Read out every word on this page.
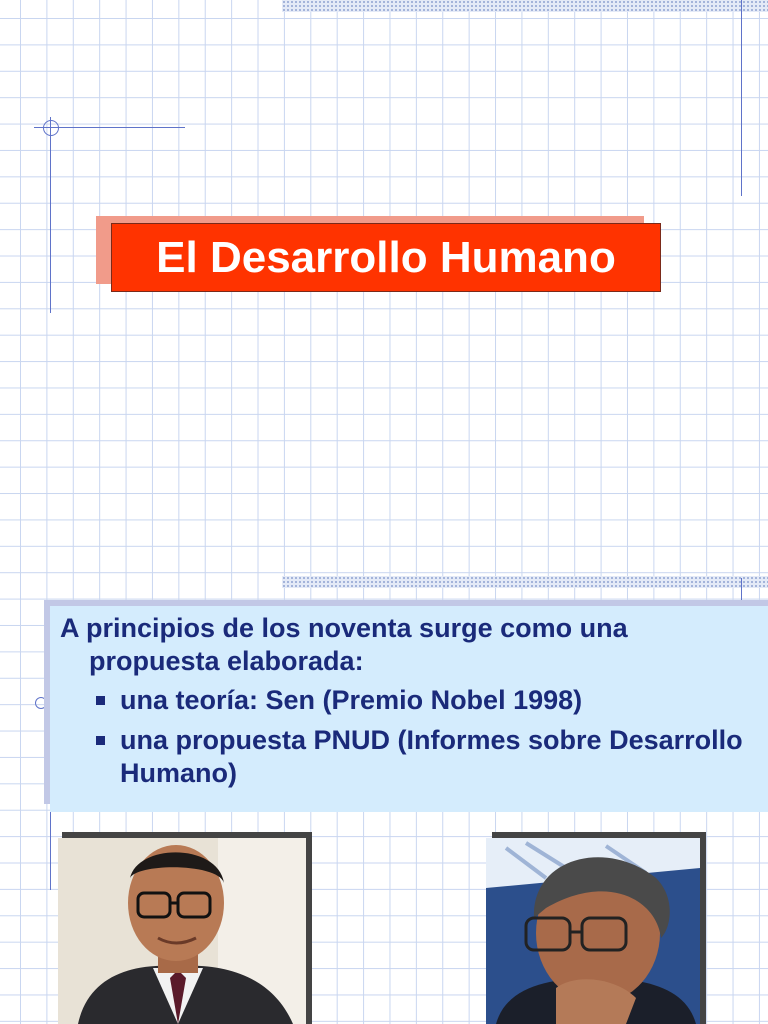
El Desarrollo Humano

A principios de los noventa surge como una propuesta elaborada:

una teoría: Sen (Premio Nobel 1998)
una propuesta PNUD (Informes sobre Desarrollo Humano)
